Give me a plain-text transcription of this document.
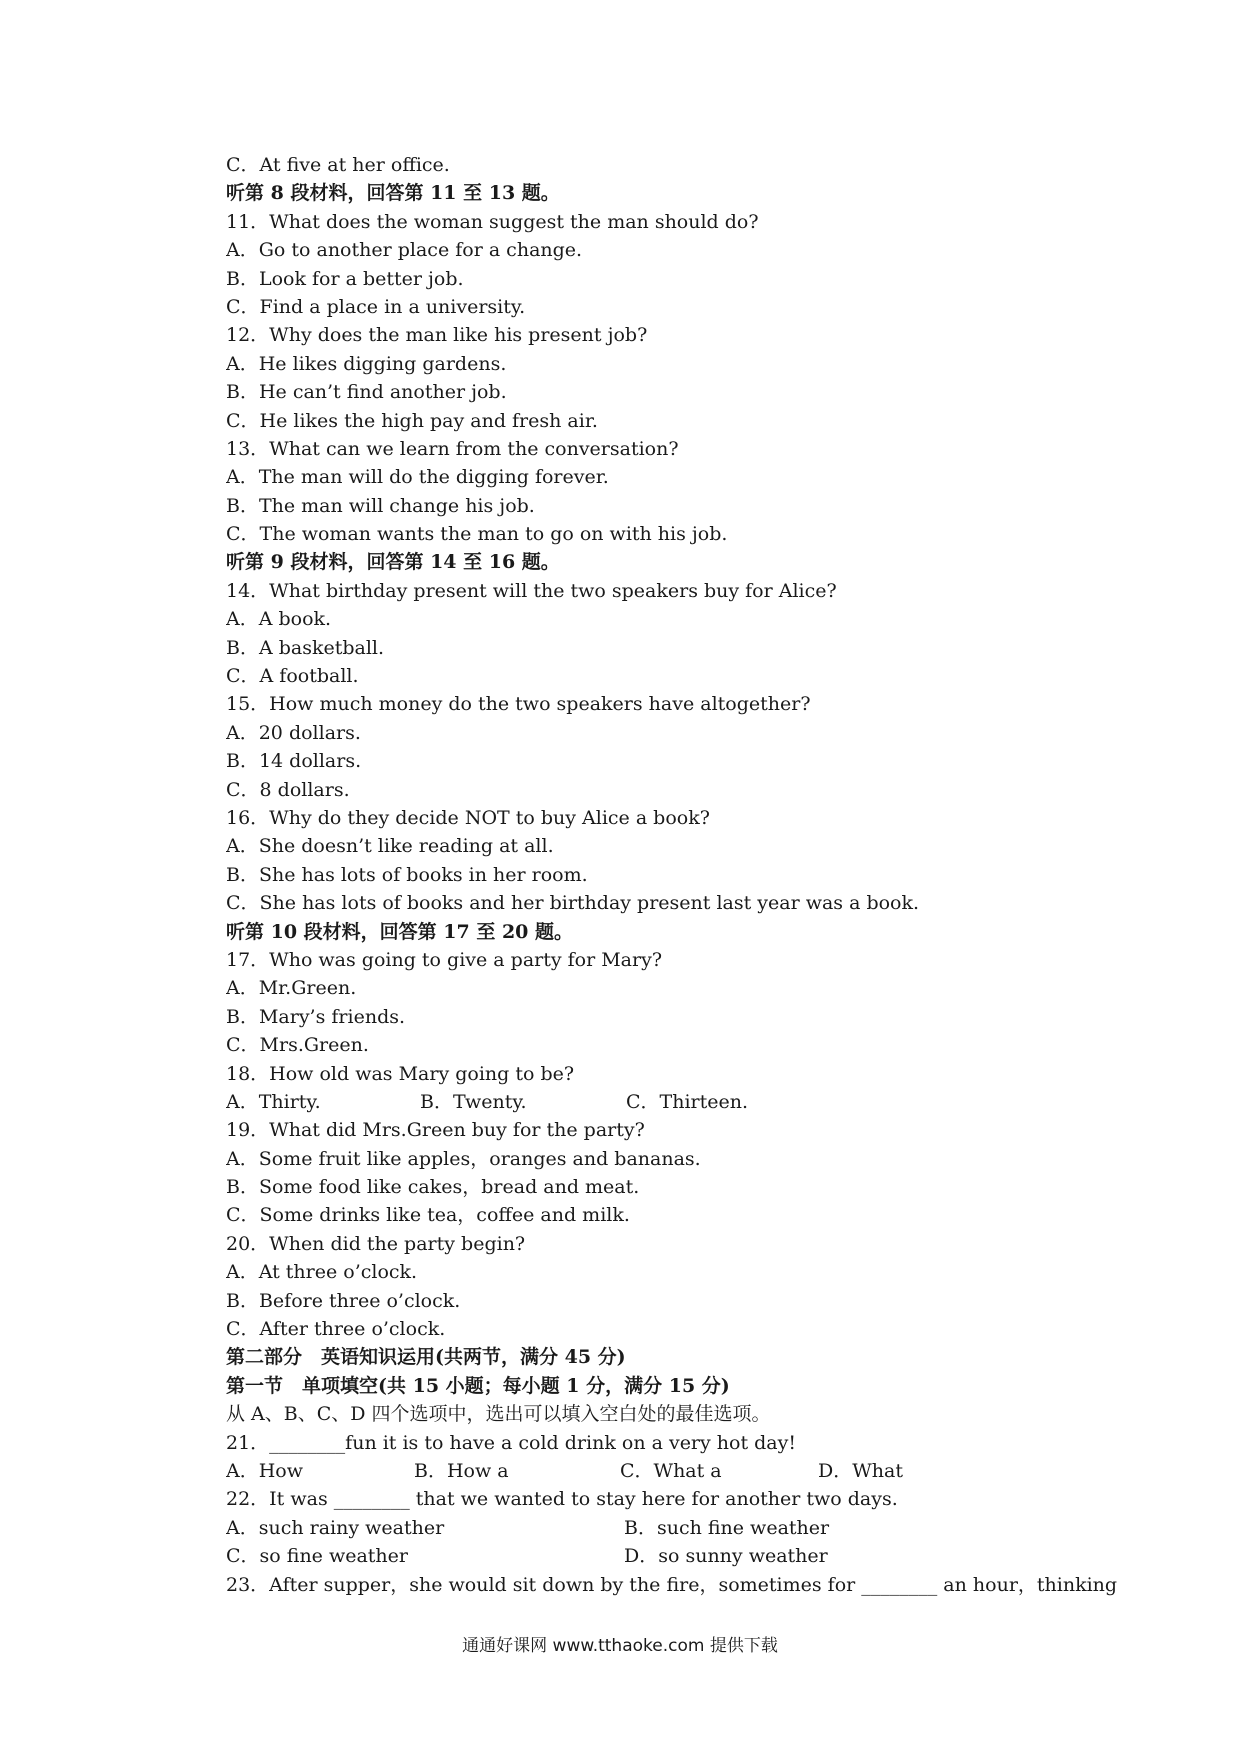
C．At five at her office.
听第 8 段材料，回答第 11 至 13 题。
11．What does the woman suggest the man should do?
A．Go to another place for a change.
B．Look for a better job.
C．Find a place in a university.
12．Why does the man like his present job?
A．He likes digging gardens.
B．He can’t find another job.
C．He likes the high pay and fresh air.
13．What can we learn from the conversation?
A．The man will do the digging forever.
B．The man will change his job.
C．The woman wants the man to go on with his job.
听第 9 段材料，回答第 14 至 16 题。
14．What birthday present will the two speakers buy for Alice?
A．A book.
B．A basketball.
C．A football.
15．How much money do the two speakers have altogether?
A．20 dollars.
B．14 dollars.
C．8 dollars.
16．Why do they decide NOT to buy Alice a book?
A．She doesn’t like reading at all.
B．She has lots of books in her room.
C．She has lots of books and her birthday present last year was a book.
听第 10 段材料，回答第 17 至 20 题。
17．Who was going to give a party for Mary?
A．Mr.Green.
B．Mary’s friends.
C．Mrs.Green.
18．How old was Mary going to be?
A．Thirty.	B．Twenty.	C．Thirteen.
19．What did Mrs.Green buy for the party?
A．Some fruit like apples，oranges and bananas.
B．Some food like cakes，bread and meat.
C．Some drinks like tea，coffee and milk.
20．When did the party begin?
A．At three o’clock.
B．Before three o’clock.
C．After three o’clock.
第二部分　英语知识运用(共两节，满分 45 分)
第一节　单项填空(共 15 小题；每小题 1 分，满分 15 分)
从 A、B、C、D 四个选项中，选出可以填入空白处的最佳选项。
21．________fun it is to have a cold drink on a very hot day!
A．How	B．How a	C．What a	D．What
22．It was ________ that we wanted to stay here for another two days.
A．such rainy weather	B．such fine weather
C．so fine weather	D．so sunny weather
23．After supper，she would sit down by the fire，sometimes for ________ an hour，thinking
通通好课网 www.tthaoke.com 提供下载
